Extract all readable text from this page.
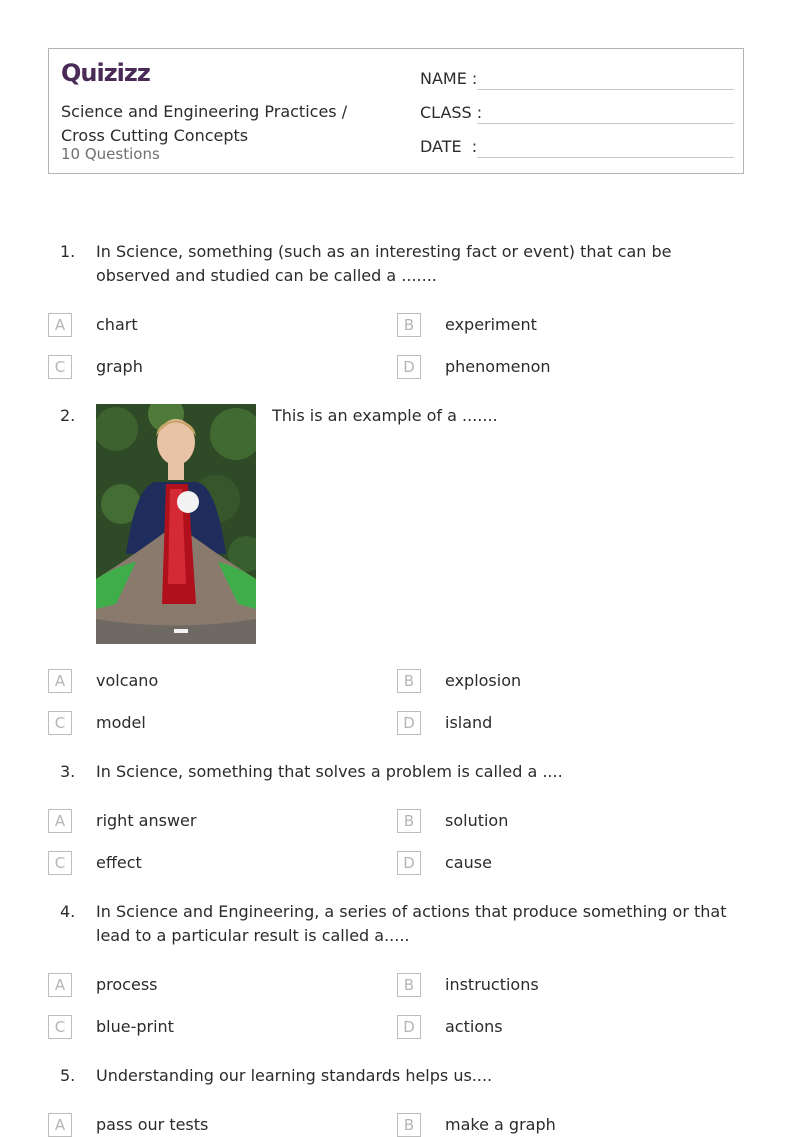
Quizizz
Science and Engineering Practices / Cross Cutting Concepts
10 Questions
NAME :
CLASS :
DATE  :
1. In Science, something (such as an interesting fact or event) that can be observed and studied can be called a .......
A	chart	B	experiment
C	graph	D	phenomenon
2.	This is an example of a .......
A	volcano	B	explosion
C	model	D	island
3. In Science, something that solves a problem is called a ....
A	right answer	B	solution
C	effect	D	cause
4. In Science and Engineering, a series of actions that produce something or that lead to a particular result is called a.....
A	process	B	instructions
C	blue-print	D	actions
5. Understanding our learning standards helps us....
A	pass our tests	B	make a graph
